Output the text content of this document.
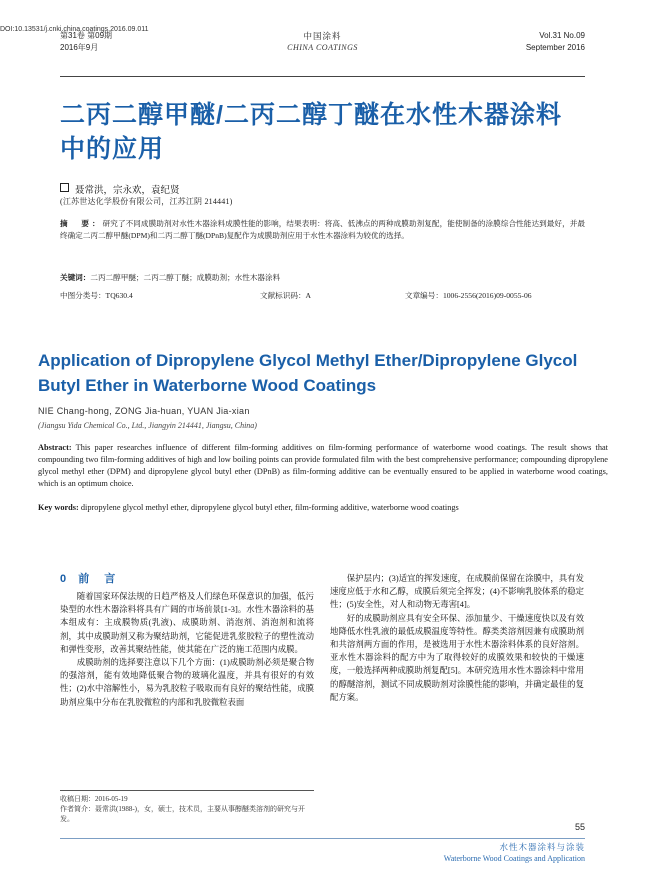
第31卷 第09期
2016年9月
中国涂料
CHINA COATINGS
Vol.31 No.09
September 2016
DOI:10.13531/j.cnki.china.coatings.2016.09.011
二丙二醇甲醚/二丙二醇丁醚在水性木器涂料中的应用
聂常洪，宗永欢，袁纪贤
(江苏世达化学股份有限公司，江苏江阴 214441)
摘　要：研究了不同成膜助剂对水性木器涂料成膜性能的影响，结果表明：将高、低沸点的两种成膜助剂复配，能使制备的涂膜综合性能达到最好，并最终确定二丙二醇甲醚(DPM)和二丙二醇丁醚(DPnB)复配作为成膜助剂应用于水性木器涂料为较优的选择。
关键词：二丙二醇甲醚；二丙二醇丁醚；成膜助剂；水性木器涂料
中图分类号：TQ630.4	文献标识码：A	文章编号：1006-2556(2016)09-0055-06
Application of Dipropylene Glycol Methyl Ether/Dipropylene Glycol Butyl Ether in Waterborne Wood Coatings
NIE Chang-hong, ZONG Jia-huan, YUAN Jia-xian
(Jiangsu Yida Chemical Co., Ltd., Jiangyin 214441, Jiangsu, China)
Abstract: This paper researches influence of different film-forming additives on film-forming performance of waterborne wood coatings. The result shows that compounding two film-forming additives of high and low boiling points can provide formulated film with the best comprehensive performance; compounding dipropylene glycol methyl ether (DPM) and dipropylene glycol butyl ether (DPnB) as film-forming additive can be eventually ensured to be applied in waterborne wood coatings, which is an optimum choice.
Key words: dipropylene glycol methyl ether, dipropylene glycol butyl ether, film-forming additive, waterborne wood coatings
0 前　言

随着国家环保法规的日趋严格及人们绿色环保意识的加强，低污染型的水性木器涂料将具有广阔的市场前景[1-3]。水性木器涂料的基本组成有：主成膜物质(乳液)、成膜助剂、消泡剂、消泡剂和流将剂，其中成膜助剂又称为聚结助剂，它能促进乳浆胶粒子的塑性流动和弹性变形，改善其聚结性能，使其能在广泛的施工范围内成膜。

成膜助剂的选择要注意以下几个方面：(1)成膜助剂必须是聚合物的强溶剂，能有效地降低聚合物的玻璃化温度，并具有很好的有效性；(2)水中溶解性小，易为乳胶粒子吸取而有良好的聚结性能，成膜助剂应集中分布在乳胶微粒的内部和乳胶微粒表面

保护层内；(3)适宜的挥发速度，在成膜前保留在涂膜中，具有发速度应低于水和乙醇，成膜后须完全挥发；(4)不影响乳胶体系的稳定性；(5)安全性，对人和动物无毒害[4]。

好的成膜助剂应具有安全环保、添加量少、干燥速度快以及有效地降低水性乳液的最低成膜温度等特性。醇类类溶剂因兼有成膜助剂和共溶剂两方面的作用，是被选用于水性木器涂料体系的良好溶剂。亚水性木器涂料的配方中为了取得较好的成膜效果和较快的干燥速度，一般选择两种成膜助剂复配[5]。本研究选用水性木器涂料中常用的醇醚溶剂，测试不同成膜助剂对涂膜性能的影响，并确定最佳的复配方案。

收稿日期：2016-05-19
作者简介：聂常洪(1988-)，女，硕士，技术员，主要从事醇醚类溶剂的研究与开发。
55
水性木器涂料与涂装
Waterborne Wood Coatings and Application
